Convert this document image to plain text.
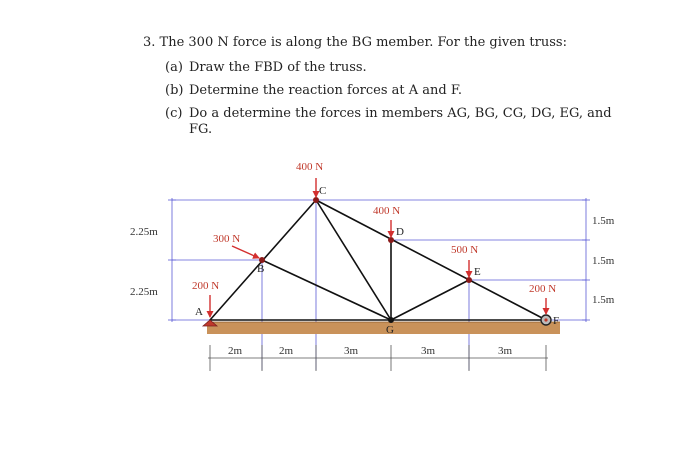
3. The 300 N force is along the BG member. For the given truss:

(a) Draw the FBD of the truss.
(b) Determine the reaction forces at A and F.
(c) Do a determine the forces in members AG, BG, CG, DG, EG, and FG.
400 N
400 N
500 N
200 N
300 N
200 N
C
D
E
B
A
G
F
2.25m
2.25m
1.5m
1.5m
1.5m
2m	2m	3m	3m	3m
